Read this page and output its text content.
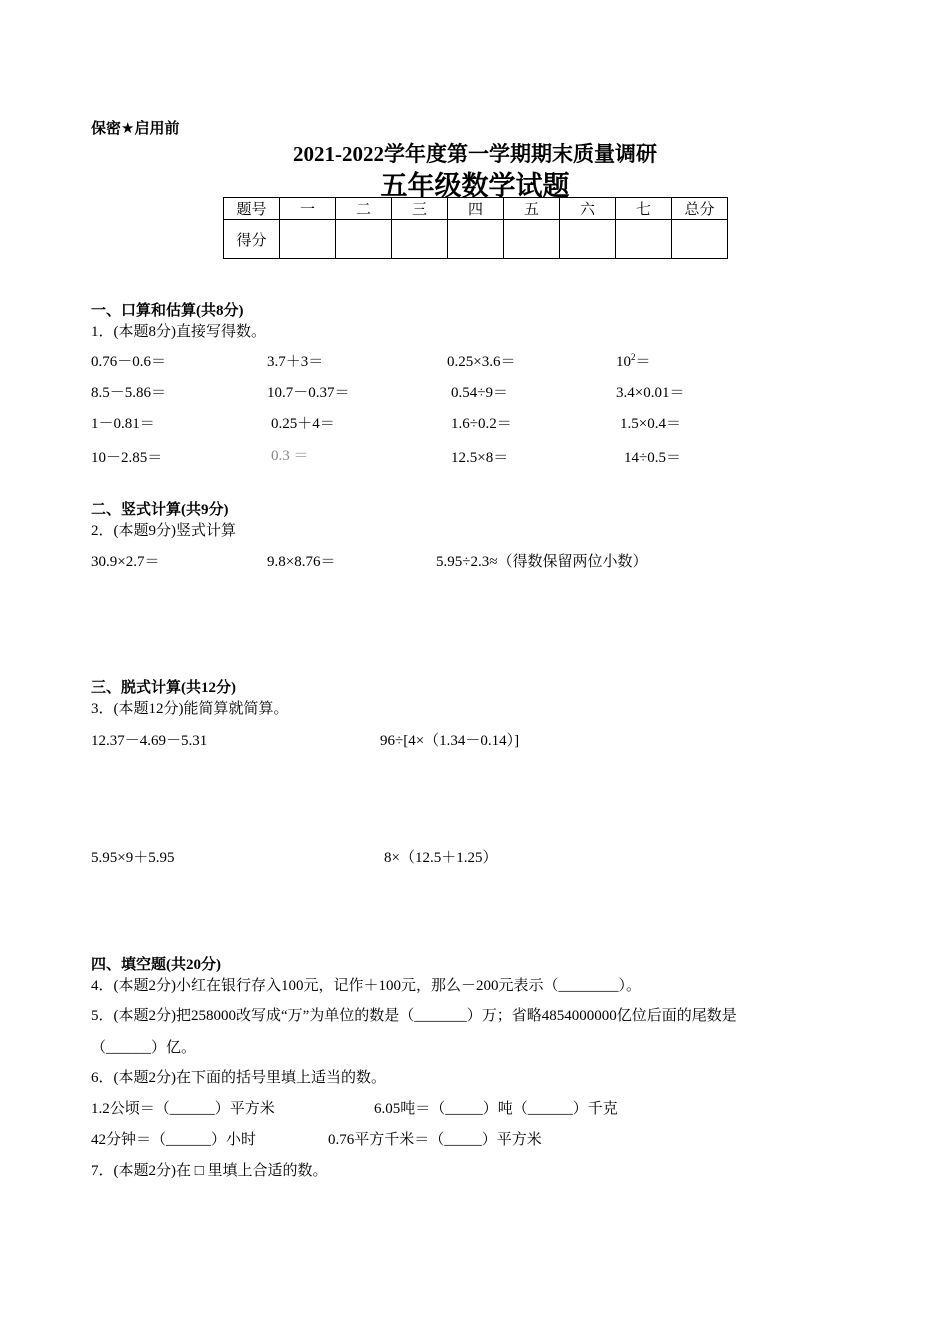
保密★启用前
2021-2022学年度第一学期期末质量调研
五年级数学试题
题号	一	二	三	四	五	六	七	总分
得分								
一、口算和估算(共8分)
1．(本题8分)直接写得数。
0.76－0.6＝	3.7＋3＝	0.25×3.6＝	$10^2=$
8.5－5.86＝	10.7－0.37＝	0.54÷9＝	3.4×0.01＝
1－0.81＝	0.25＋4＝	1.6÷0.2＝	1.5×0.4＝
10－2.85＝	0.3 ＝	12.5×8＝	14÷0.5＝
二、竖式计算(共9分)
2．(本题9分)竖式计算
30.9×2.7＝	9.8×8.76＝	5.95÷2.3≈（得数保留两位小数）
三、脱式计算(共12分)
3．(本题12分)能简算就简算。
12.37－4.69－5.31	96÷[4×（1.34－0.14）]
5.95×9＋5.95	8×（12.5＋1.25）
四、填空题(共20分)
4．(本题2分)小红在银行存入100元，记作＋100元，那么－200元表示（________）。
5．(本题2分)把258000改写成“万”为单位的数是（_______）万；省略4854000000亿位后面的尾数是
（______）亿。
6．(本题2分)在下面的括号里填上适当的数。
1.2公顷＝（______）平方米	6.05吨＝（_____）吨（______）千克
42分钟＝（______）小时	0.76平方千米＝（_____）平方米
7．(本题2分)在 □ 里填上合适的数。
